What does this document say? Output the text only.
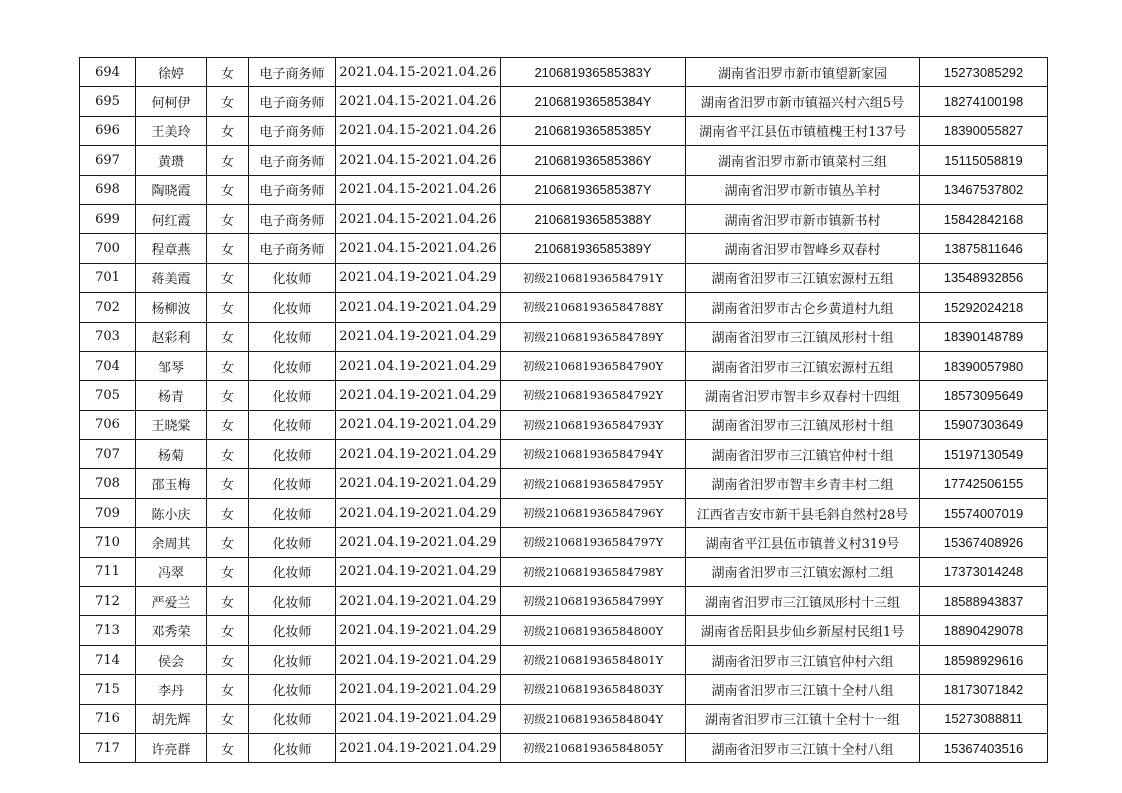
694	徐婷	女	电子商务师	2021.04.15-2021.04.26	210681936585383Y	湖南省汨罗市新市镇望新家园	15273085292
695	何柯伊	女	电子商务师	2021.04.15-2021.04.26	210681936585384Y	湖南省汨罗市新市镇福兴村六组5号	18274100198
696	王美玲	女	电子商务师	2021.04.15-2021.04.26	210681936585385Y	湖南省平江县伍市镇植槐王村137号	18390055827
697	黄瓒	女	电子商务师	2021.04.15-2021.04.26	210681936585386Y	湖南省汨罗市新市镇菜村三组	15115058819
698	陶晓霞	女	电子商务师	2021.04.15-2021.04.26	210681936585387Y	湖南省汨罗市新市镇丛羊村	13467537802
699	何红霞	女	电子商务师	2021.04.15-2021.04.26	210681936585388Y	湖南省汨罗市新市镇新书村	15842842168
700	程章燕	女	电子商务师	2021.04.15-2021.04.26	210681936585389Y	湖南省汨罗市智峰乡双春村	13875811646
701	蒋美霞	女	化妆师	2021.04.19-2021.04.29	初级210681936584791Y	湖南省汨罗市三江镇宏源村五组	13548932856
702	杨柳波	女	化妆师	2021.04.19-2021.04.29	初级210681936584788Y	湖南省汨罗市古仑乡黄道村九组	15292024218
703	赵彩利	女	化妆师	2021.04.19-2021.04.29	初级210681936584789Y	湖南省汨罗市三江镇凤形村十组	18390148789
704	邹琴	女	化妆师	2021.04.19-2021.04.29	初级210681936584790Y	湖南省汨罗市三江镇宏源村五组	18390057980
705	杨青	女	化妆师	2021.04.19-2021.04.29	初级210681936584792Y	湖南省汨罗市智丰乡双春村十四组	18573095649
706	王晓棠	女	化妆师	2021.04.19-2021.04.29	初级210681936584793Y	湖南省汨罗市三江镇凤形村十组	15907303649
707	杨菊	女	化妆师	2021.04.19-2021.04.29	初级210681936584794Y	湖南省汨罗市三江镇官仲村十组	15197130549
708	邵玉梅	女	化妆师	2021.04.19-2021.04.29	初级210681936584795Y	湖南省汨罗市智丰乡青丰村二组	17742506155
709	陈小庆	女	化妆师	2021.04.19-2021.04.29	初级210681936584796Y	江西省吉安市新干县毛斜自然村28号	15574007019
710	余周其	女	化妆师	2021.04.19-2021.04.29	初级210681936584797Y	湖南省平江县伍市镇普义村319号	15367408926
711	冯翠	女	化妆师	2021.04.19-2021.04.29	初级210681936584798Y	湖南省汨罗市三江镇宏源村二组	17373014248
712	严爱兰	女	化妆师	2021.04.19-2021.04.29	初级210681936584799Y	湖南省汨罗市三江镇凤形村十三组	18588943837
713	邓秀荣	女	化妆师	2021.04.19-2021.04.29	初级210681936584800Y	湖南省岳阳县步仙乡新屋村民组1号	18890429078
714	侯会	女	化妆师	2021.04.19-2021.04.29	初级210681936584801Y	湖南省汨罗市三江镇官仲村六组	18598929616
715	李丹	女	化妆师	2021.04.19-2021.04.29	初级210681936584803Y	湖南省汨罗市三江镇十全村八组	18173071842
716	胡先辉	女	化妆师	2021.04.19-2021.04.29	初级210681936584804Y	湖南省汨罗市三江镇十全村十一组	15273088811
717	许亮群	女	化妆师	2021.04.19-2021.04.29	初级210681936584805Y	湖南省汨罗市三江镇十全村八组	15367403516
